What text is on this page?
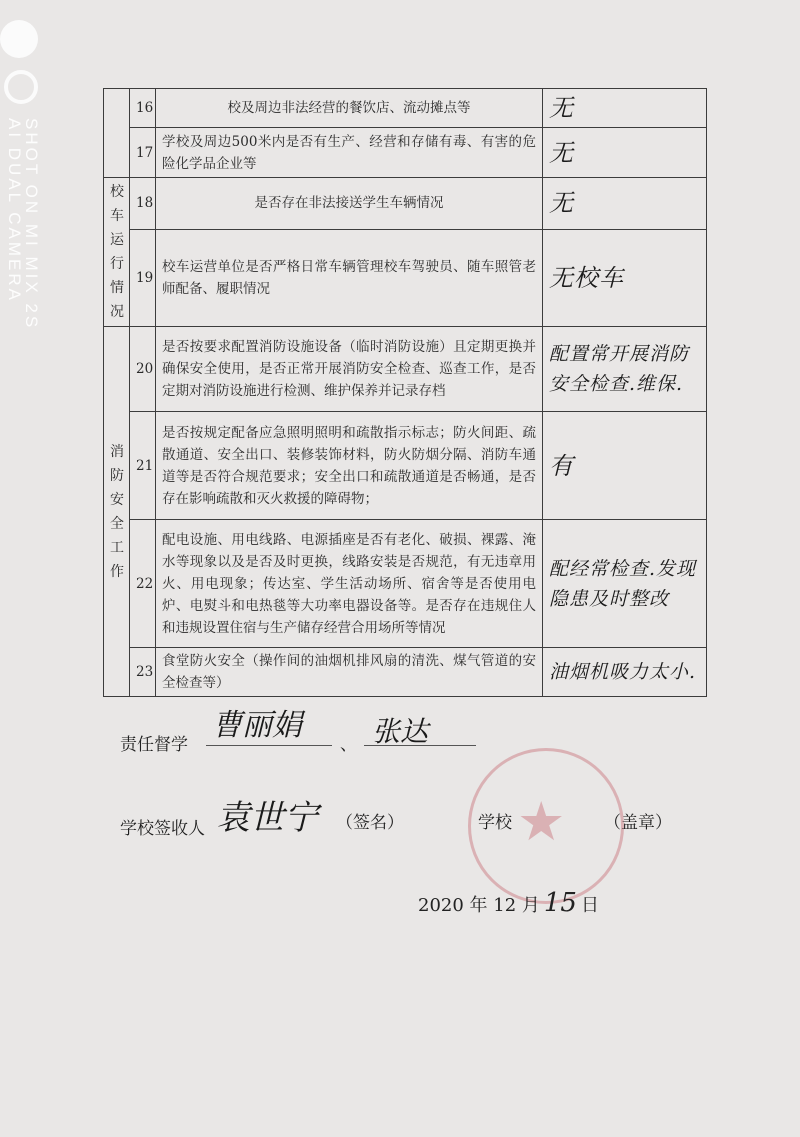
SHOT ON MI MIX 2S AI DUAL CAMERA
	16	校及周边非法经营的餐饮店、流动摊点等	无
	17	学校及周边500米内是否有生产、经营和存储有毒、有害的危险化学品企业等	无
校车运行情况	18	是否存在非法接送学生车辆情况	无
	19	校车运营单位是否严格日常车辆管理校车驾驶员、随车照管老师配备、履职情况	无校车
消防安全工作	20	是否按要求配置消防设施设备（临时消防设施）且定期更换并确保安全使用，是否正常开展消防安全检查、巡查工作，是否定期对消防设施进行检测、维护保养并记录存档	配置常开展消防安全检查.维保.
	21	是否按规定配备应急照明照明和疏散指示标志；防火间距、疏散通道、安全出口、装修装饰材料，防火防烟分隔、消防车通道等是否符合规范要求；安全出口和疏散通道是否畅通，是否存在影响疏散和灭火救援的障碍物；	有
	22	配电设施、用电线路、电源插座是否有老化、破损、裸露、淹水等现象以及是否及时更换，线路安装是否规范，有无违章用火、用电现象；传达室、学生活动场所、宿舍等是否使用电炉、电熨斗和电热毯等大功率电器设备等。是否存在违规住人和违规设置住宿与生产储存经营合用场所等情况	配经常检查.发现隐患及时整改
	23	食堂防火安全（操作间的油烟机排风扇的清洗、煤气管道的安全检查等）	油烟机吸力太小.
责任督学
曹丽娟
、 张达
学校签收人 袁世宁 （签名） ★
学校	（盖章）
2020 年 12 月 15 日
